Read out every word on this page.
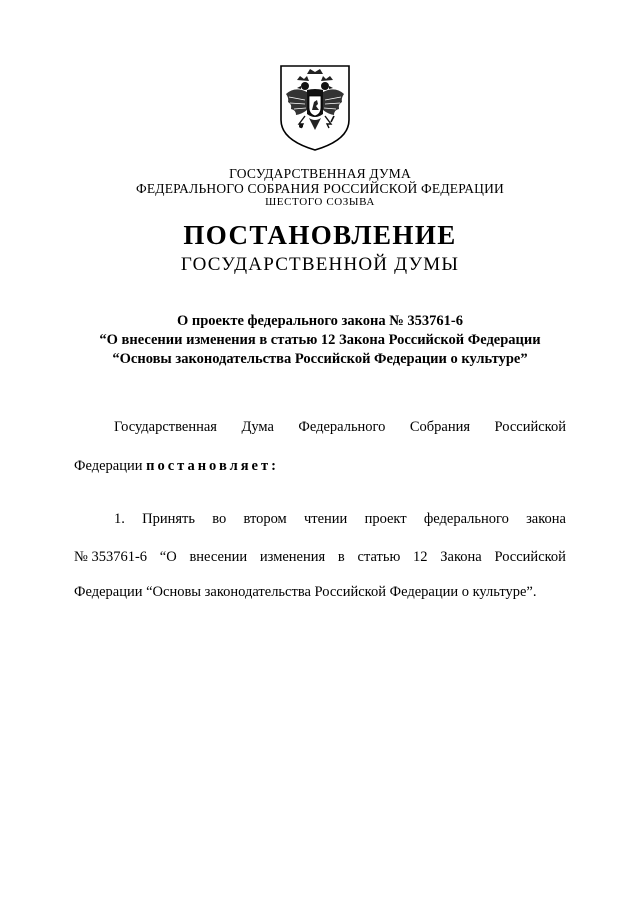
ГОСУДАРСТВЕННАЯ ДУМА
ФЕДЕРАЛЬНОГО СОБРАНИЯ РОССИЙСКОЙ ФЕДЕРАЦИИ
ШЕСТОГО СОЗЫВА
ПОСТАНОВЛЕНИЕ
ГОСУДАРСТВЕННОЙ ДУМЫ
О проекте федерального закона № 353761-6
“О внесении изменения в статью 12 Закона Российской Федерации
“Основы законодательства Российской Федерации о культуре”
Государственная Дума Федерального Собрания Российской
Федерации постановляет:
1. Принять во втором чтении проект федерального закона
№ 353761-6 “О внесении изменения в статью 12 Закона Российской
Федерации “Основы законодательства Российской Федерации о культуре”.
